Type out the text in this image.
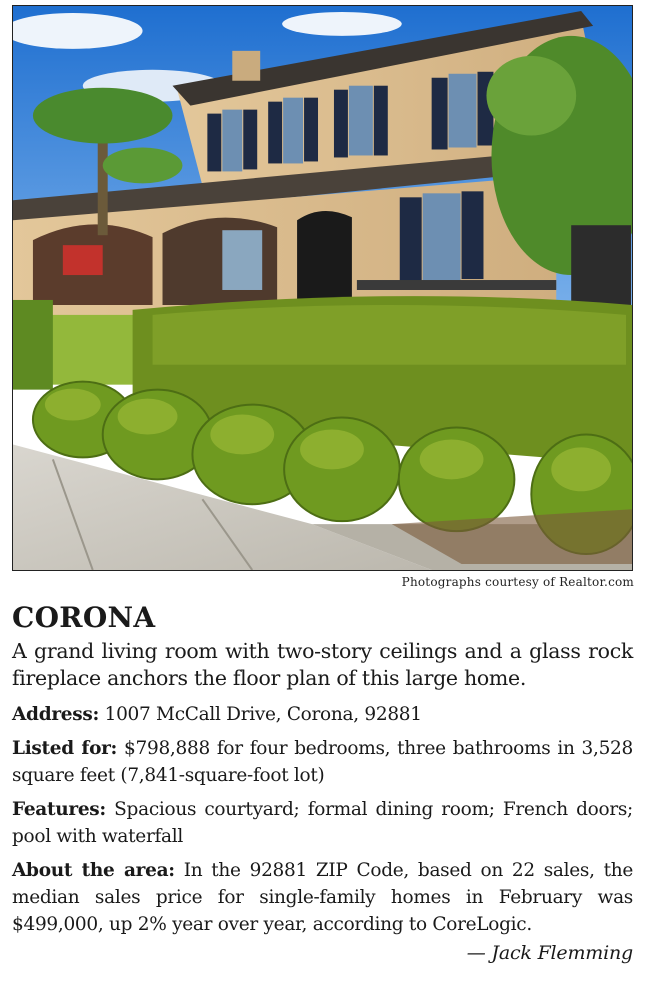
Photographs courtesy of Realtor.com
CORONA

A grand living room with two-story ceilings and a glass rock fireplace anchors the floor plan of this large home.

Address: 1007 McCall Drive, Corona, 92881

Listed for: $798,888 for four bedrooms, three bathrooms in 3,528 square feet (7,841-square-foot lot)

Features: Spacious courtyard; formal dining room; French doors; pool with waterfall

About the area: In the 92881 ZIP Code, based on 22 sales, the median sales price for single-family homes in February was $499,000, up 2% year over year, according to CoreLogic.

— Jack Flemming
